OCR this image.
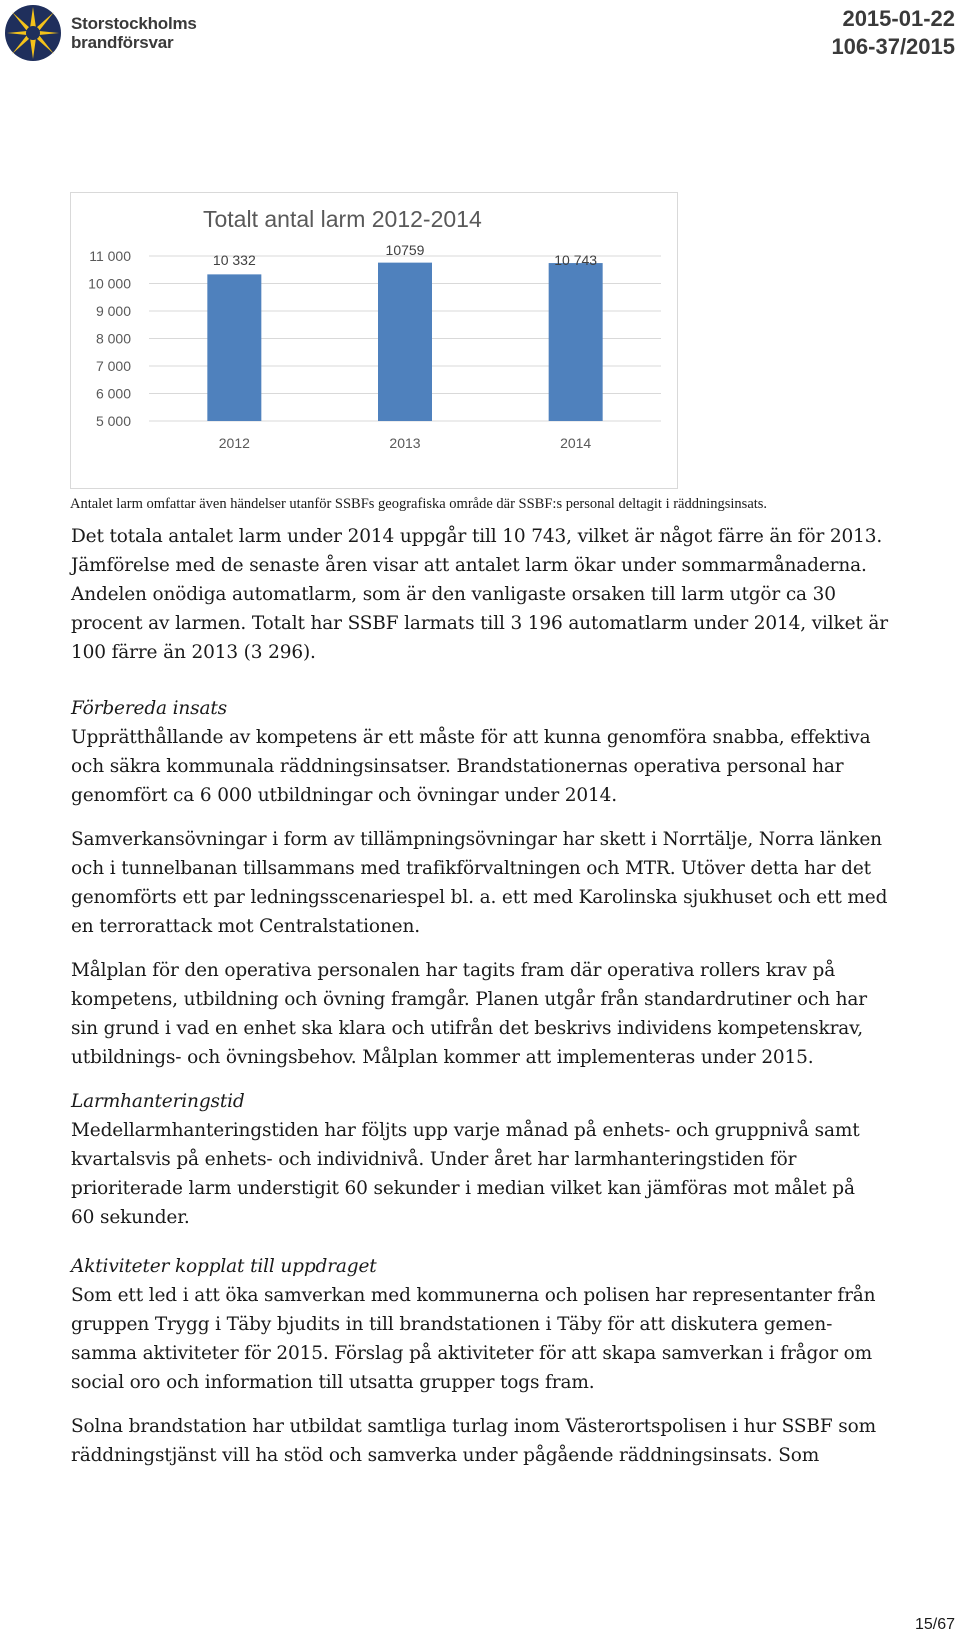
Storstockholms
brandförsvar
2015-01-22
106-37/2015
Totalt antal larm 2012-2014
11 000
10 000
9 000
8 000
7 000
6 000
5 000
10 332
10759
10 743
2012	2013	2014
Antalet larm omfattar även händelser utanför SSBFs geografiska område där SSBF:s personal deltagit i räddningsinsats.
Det totala antalet larm under 2014 uppgår till 10 743, vilket är något färre än för 2013.
Jämförelse med de senaste åren visar att antalet larm ökar under sommarmånaderna.
Andelen onödiga automatlarm, som är den vanligaste orsaken till larm utgör ca 30
procent av larmen. Totalt har SSBF larmats till 3 196 automatlarm under 2014, vilket är
100 färre än 2013 (3 296).
Förbereda insats
Upprätthållande av kompetens är ett måste för att kunna genomföra snabba, effektiva
och säkra kommunala räddningsinsatser. Brandstationernas operativa personal har
genomfört ca 6 000 utbildningar och övningar under 2014.
Samverkansövningar i form av tillämpningsövningar har skett i Norrtälje, Norra länken
och i tunnelbanan tillsammans med trafikförvaltningen och MTR. Utöver detta har det
genomförts ett par ledningsscenariespel bl. a. ett med Karolinska sjukhuset och ett med
en terrorattack mot Centralstationen.
Målplan för den operativa personalen har tagits fram där operativa rollers krav på
kompetens, utbildning och övning framgår. Planen utgår från standardrutiner och har
sin grund i vad en enhet ska klara och utifrån det beskrivs individens kompetenskrav,
utbildnings- och övningsbehov. Målplan kommer att implementeras under 2015.
Larmhanteringstid
Medellarmhanteringstiden har följts upp varje månad på enhets- och gruppnivå samt
kvartalsvis på enhets- och individnivå. Under året har larmhanteringstiden för
prioriterade larm understigit 60 sekunder i median vilket kan jämföras mot målet på
60 sekunder.
Aktiviteter kopplat till uppdraget
Som ett led i att öka samverkan med kommunerna och polisen har representanter från
gruppen Trygg i Täby bjudits in till brandstationen i Täby för att diskutera gemen-
samma aktiviteter för 2015. Förslag på aktiviteter för att skapa samverkan i frågor om
social oro och information till utsatta grupper togs fram.
Solna brandstation har utbildat samtliga turlag inom Västerortspolisen i hur SSBF som
räddningstjänst vill ha stöd och samverka under pågående räddningsinsats. Som
15/67
